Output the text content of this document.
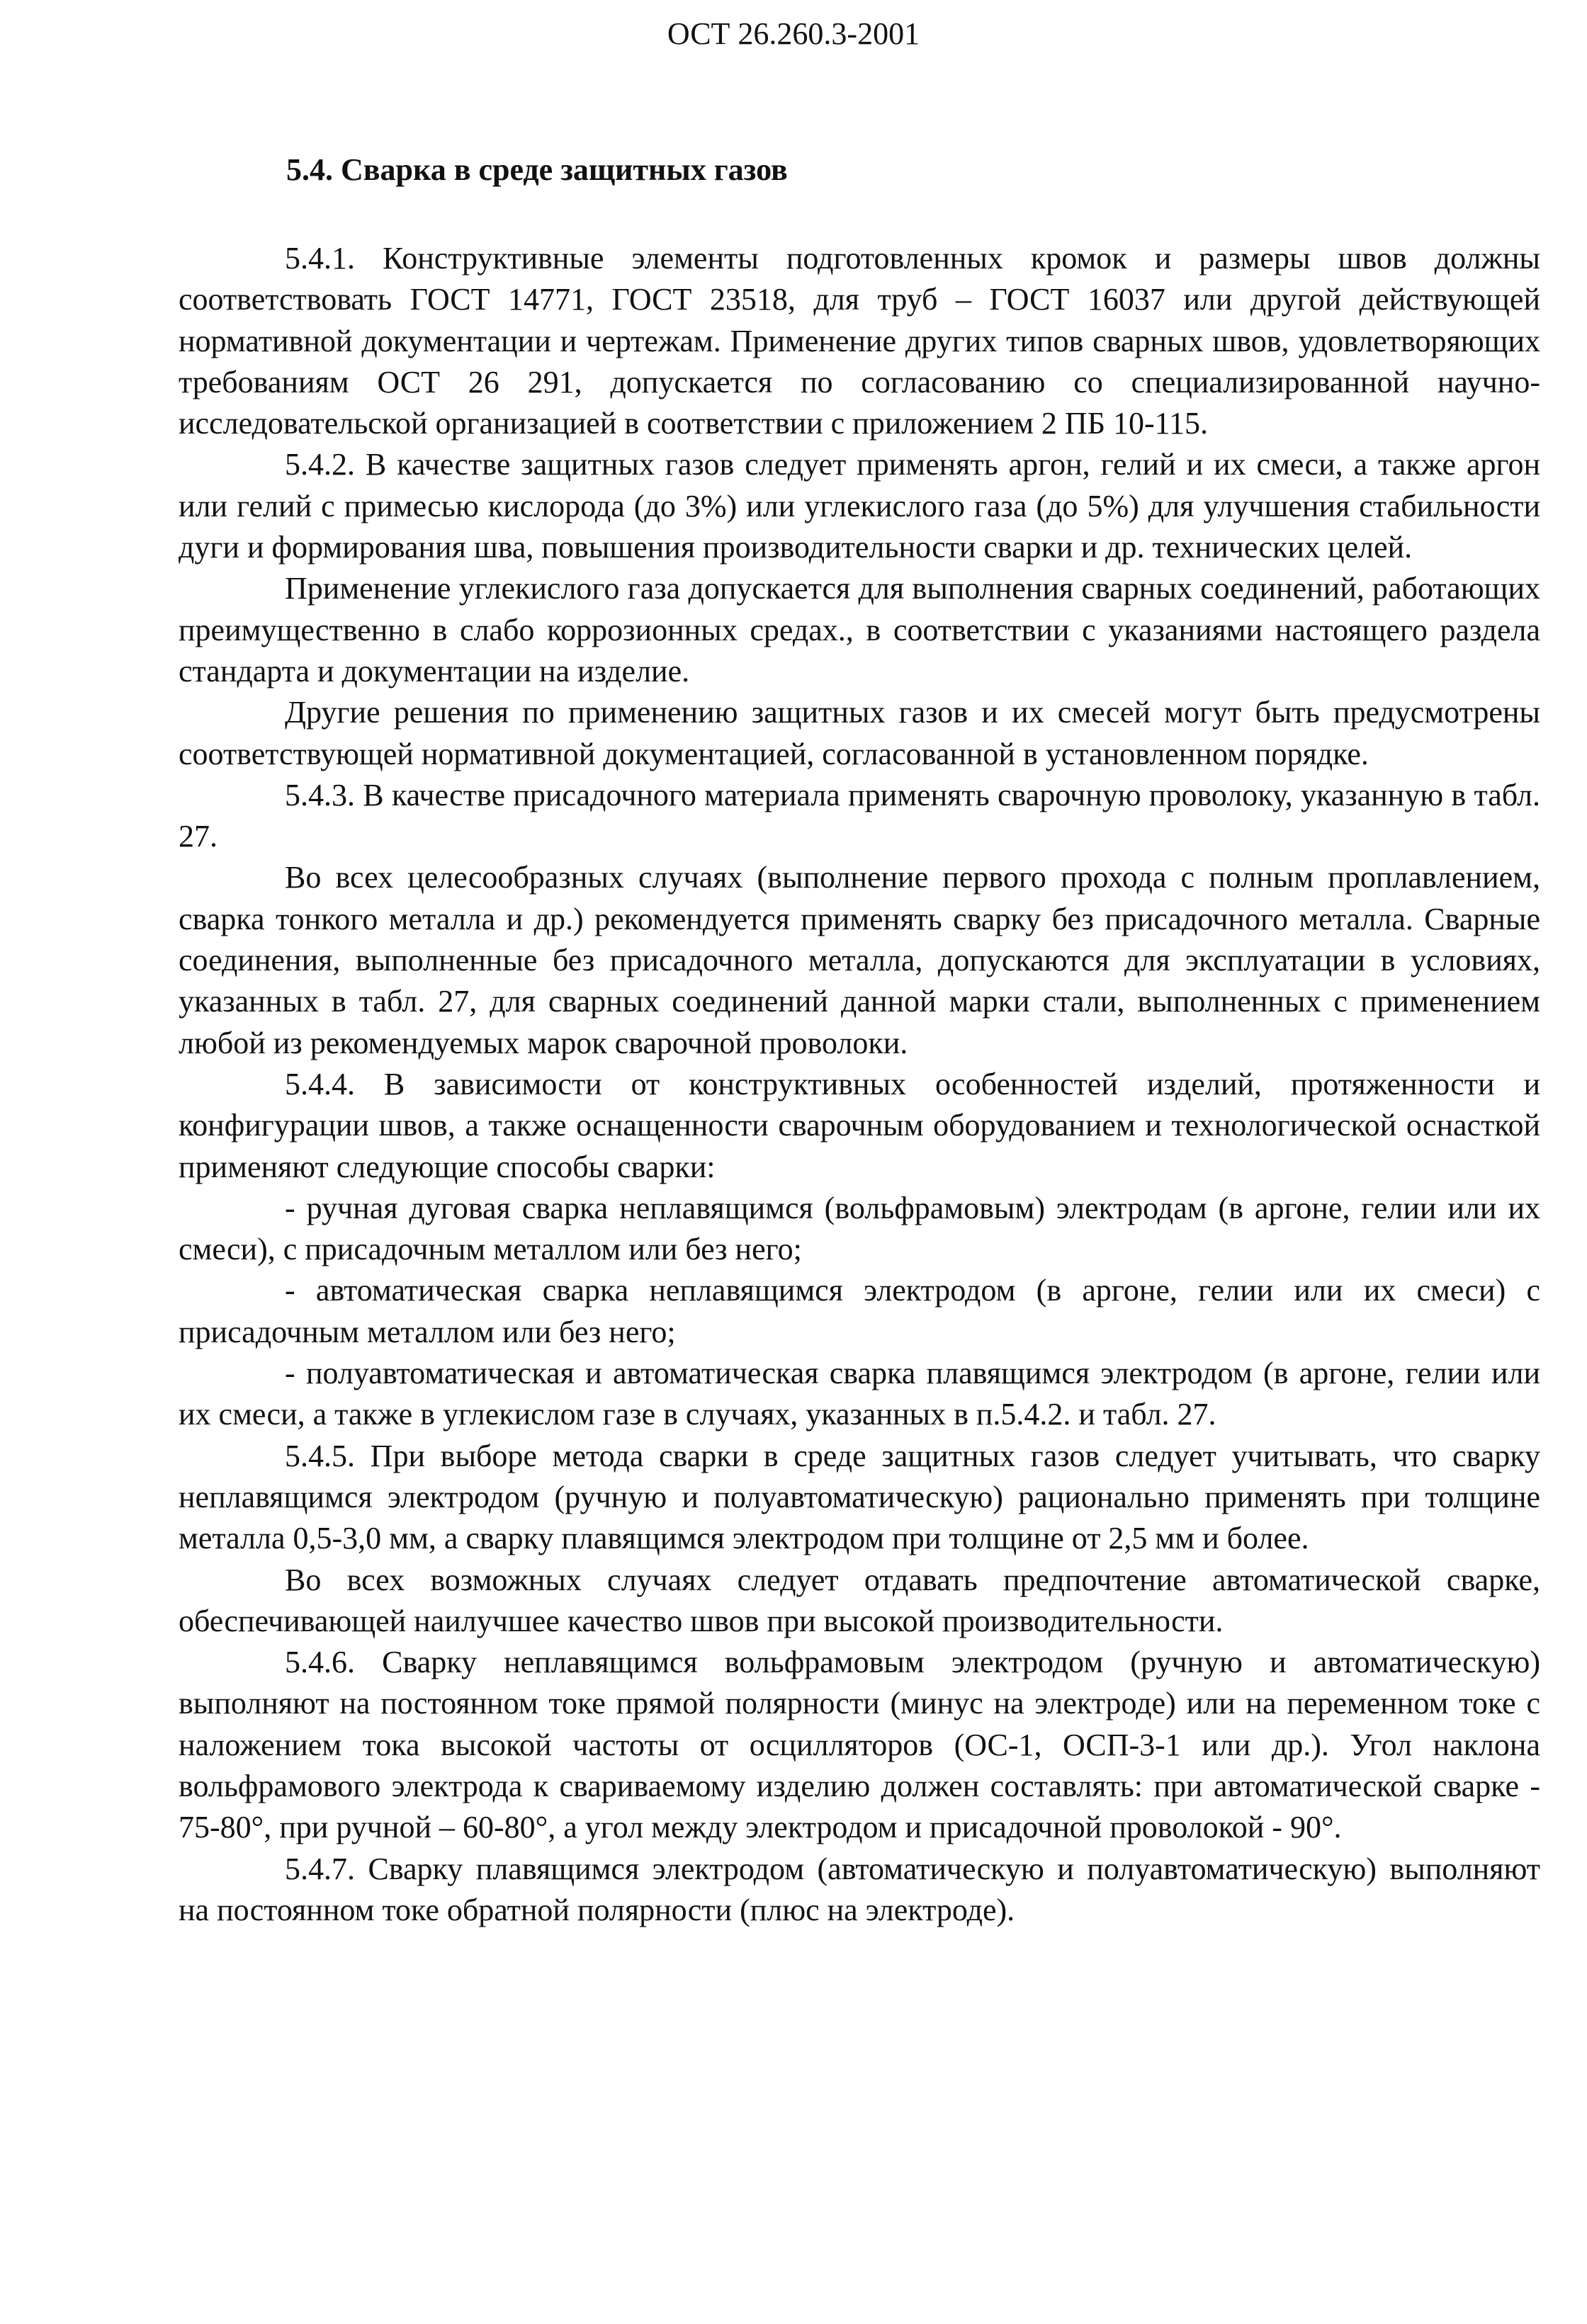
ОСТ 26.260.3-2001
5.4. Сварка в среде защитных газов

5.4.1. Конструктивные элементы подготовленных кромок и размеры швов должны соответствовать ГОСТ 14771, ГОСТ 23518, для труб – ГОСТ 16037 или другой действующей нормативной документации и чертежам. Применение других типов сварных швов, удовлетворяющих требованиям ОСТ 26 291, допускается по согласованию со специализированной научно-исследовательской организацией в соответствии с приложением 2 ПБ 10-115.

5.4.2. В качестве защитных газов следует применять аргон, гелий и их смеси, а также аргон или гелий с примесью кислорода (до 3%) или углекислого газа (до 5%) для улучшения стабильности дуги и формирования шва, повышения производительности сварки и др. технических целей.

Применение углекислого газа допускается для выполнения сварных соединений, работающих преимущественно в слабо коррозионных средах., в соответствии с указаниями настоящего раздела стандарта и документации на изделие.

Другие решения по применению защитных газов и их смесей могут быть предусмотрены соответствующей нормативной документацией, согласованной в установленном порядке.

5.4.3. В качестве присадочного материала применять сварочную проволоку, указанную в табл. 27.

Во всех целесообразных случаях (выполнение первого прохода с полным проплавлением, сварка тонкого металла и др.) рекомендуется применять сварку без присадочного металла. Сварные соединения, выполненные без присадочного металла, допускаются для эксплуатации в условиях, указанных в табл. 27, для сварных соединений данной марки стали, выполненных с применением любой из рекомендуемых марок сварочной проволоки.

5.4.4. В зависимости от конструктивных особенностей изделий, протяженности и конфигурации швов, а также оснащенности сварочным оборудованием и технологической оснасткой применяют следующие способы сварки:

- ручная дуговая сварка неплавящимся (вольфрамовым) электродам (в аргоне, гелии или их смеси), с присадочным металлом или без него;

- автоматическая сварка неплавящимся электродом (в аргоне, гелии или их смеси) с присадочным металлом или без него;

- полуавтоматическая и автоматическая сварка плавящимся электродом (в аргоне, гелии или их смеси, а также в углекислом газе в случаях, указанных в п.5.4.2. и табл. 27.

5.4.5. При выборе метода сварки в среде защитных газов следует учитывать, что сварку неплавящимся электродом (ручную и полуавтоматическую) рационально применять при толщине металла 0,5-3,0 мм, а сварку плавящимся электродом при толщине от 2,5 мм и более.

Во всех возможных случаях следует отдавать предпочтение автоматической сварке, обеспечивающей наилучшее качество швов при высокой производительности.

5.4.6. Сварку неплавящимся вольфрамовым электродом (ручную и автоматическую) выполняют на постоянном токе прямой полярности (минус на электроде) или на переменном токе с наложением тока высокой частоты от осцилляторов (ОС-1, ОСП-3-1 или др.). Угол наклона вольфрамового электрода к свариваемому изделию должен составлять: при автоматической сварке - 75-80°, при ручной – 60-80°, а угол между электродом и присадочной проволокой - 90°.

5.4.7. Сварку плавящимся электродом (автоматическую и полуавтоматическую) выполняют на постоянном токе обратной полярности (плюс на электроде).
